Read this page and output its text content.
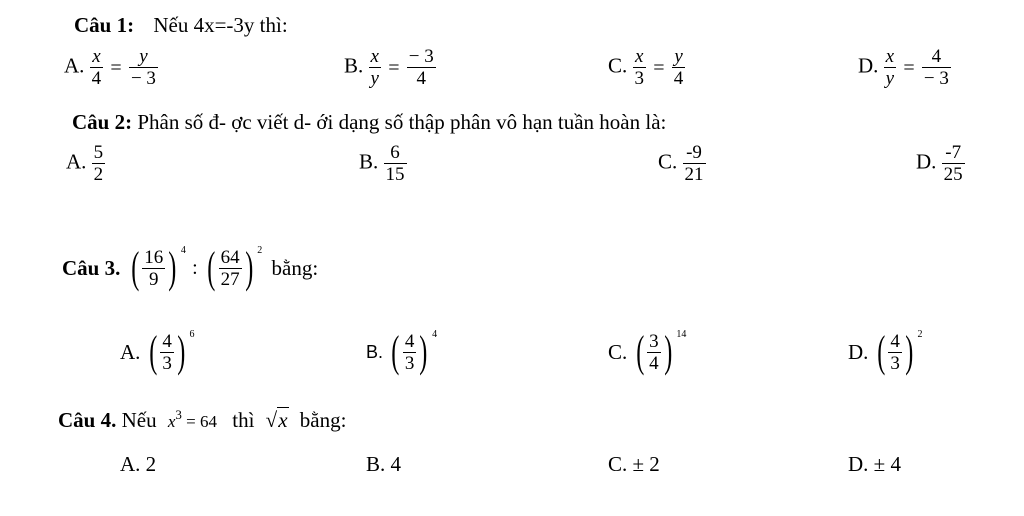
Câu 1: Nếu 4x=-3y thì:
A. $\frac{x}{4} = \frac{y}{- 3}$	B. $\frac{x}{y} = \frac{- 3}{4}$	C. $\frac{x}{3} = \frac{y}{4}$	D. $\frac{x}{y} = \frac{4}{- 3}$
Câu 2: Phân số đ- ợc viết d- ới dạng số thập phân vô hạn tuần hoàn là:
A. $\frac{5}{2}$	B. $\frac{6}{15}$	C. $\frac{-9}{21}$	D. $\frac{-7}{25}$
Câu 3. ( $\frac{16}{9}$ ) $^4$ : ( $\frac{64}{27}$ ) $^2$ bằng:
A. ( $\frac{4}{3}$ ) $^6$
B. ( $\frac{4}{3}$ ) $^4$
C. ( $\frac{3}{4}$ ) $^{14}$
D. ( $\frac{4}{3}$ ) $^2$
Câu 4. Nếu $x^3 = 64$ thì √x bằng:
A. 2	B. 4	C. ± 2	D. ± 4
